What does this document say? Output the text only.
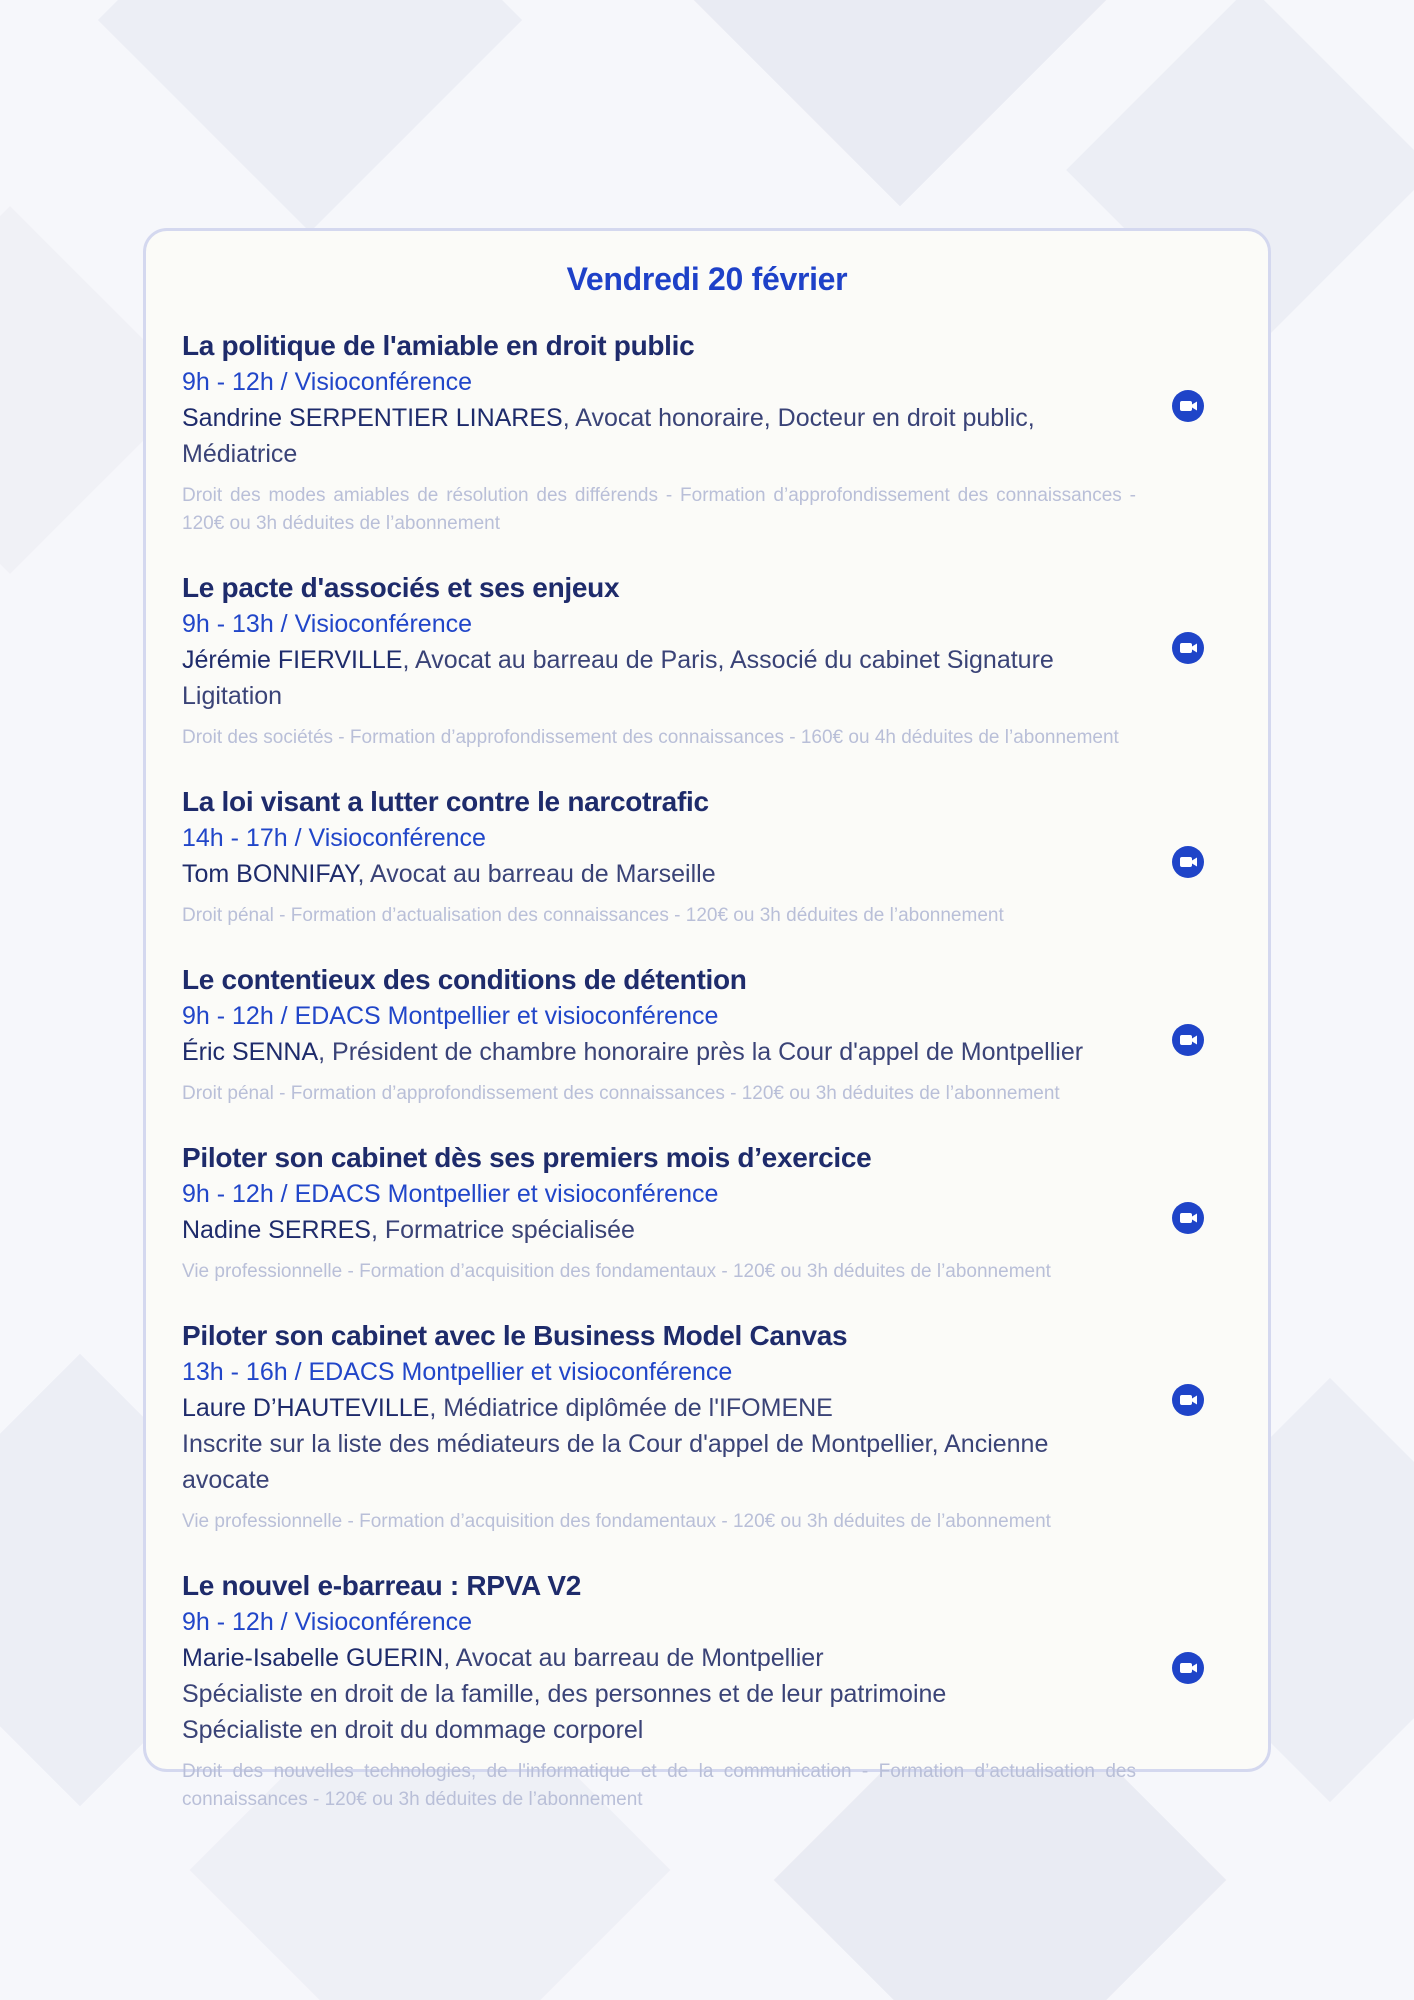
Vendredi 20 février
La politique de l'amiable en droit public
9h - 12h / Visioconférence
Sandrine SERPENTIER LINARES, Avocat honoraire, Docteur en droit public, Médiatrice
Droit des modes amiables de résolution des différends - Formation d’approfondissement des connaissances - 120€ ou 3h déduites de l’abonnement
Le pacte d'associés et ses enjeux
9h - 13h / Visioconférence
Jérémie FIERVILLE, Avocat au barreau de Paris, Associé du cabinet Signature Ligitation
Droit des sociétés - Formation d’approfondissement des connaissances - 160€ ou 4h déduites de l’abonnement
La loi visant a lutter contre le narcotrafic
14h - 17h / Visioconférence
Tom BONNIFAY, Avocat au barreau de Marseille
Droit pénal - Formation d’actualisation des connaissances - 120€ ou 3h déduites de l’abonnement
Le contentieux des conditions de détention
9h - 12h / EDACS Montpellier et visioconférence
Éric SENNA, Président de chambre honoraire près la Cour d'appel de Montpellier
Droit pénal - Formation d’approfondissement des connaissances - 120€ ou 3h déduites de l’abonnement
Piloter son cabinet dès ses premiers mois d’exercice
9h - 12h / EDACS Montpellier et visioconférence
Nadine SERRES, Formatrice spécialisée
Vie professionnelle - Formation d’acquisition des fondamentaux - 120€ ou 3h déduites de l’abonnement
Piloter son cabinet avec le Business Model Canvas
13h - 16h / EDACS Montpellier et visioconférence
Laure D’HAUTEVILLE, Médiatrice diplômée de l'IFOMENE
Inscrite sur la liste des médiateurs de la Cour d'appel de Montpellier, Ancienne avocate
Vie professionnelle - Formation d’acquisition des fondamentaux - 120€ ou 3h déduites de l’abonnement
Le nouvel e-barreau : RPVA V2
9h - 12h / Visioconférence
Marie-Isabelle GUERIN, Avocat au barreau de Montpellier
Spécialiste en droit de la famille, des personnes et de leur patrimoine
Spécialiste en droit du dommage corporel
Droit des nouvelles technologies, de l'informatique et de la communication - Formation d’actualisation des connaissances - 120€ ou 3h déduites de l’abonnement
